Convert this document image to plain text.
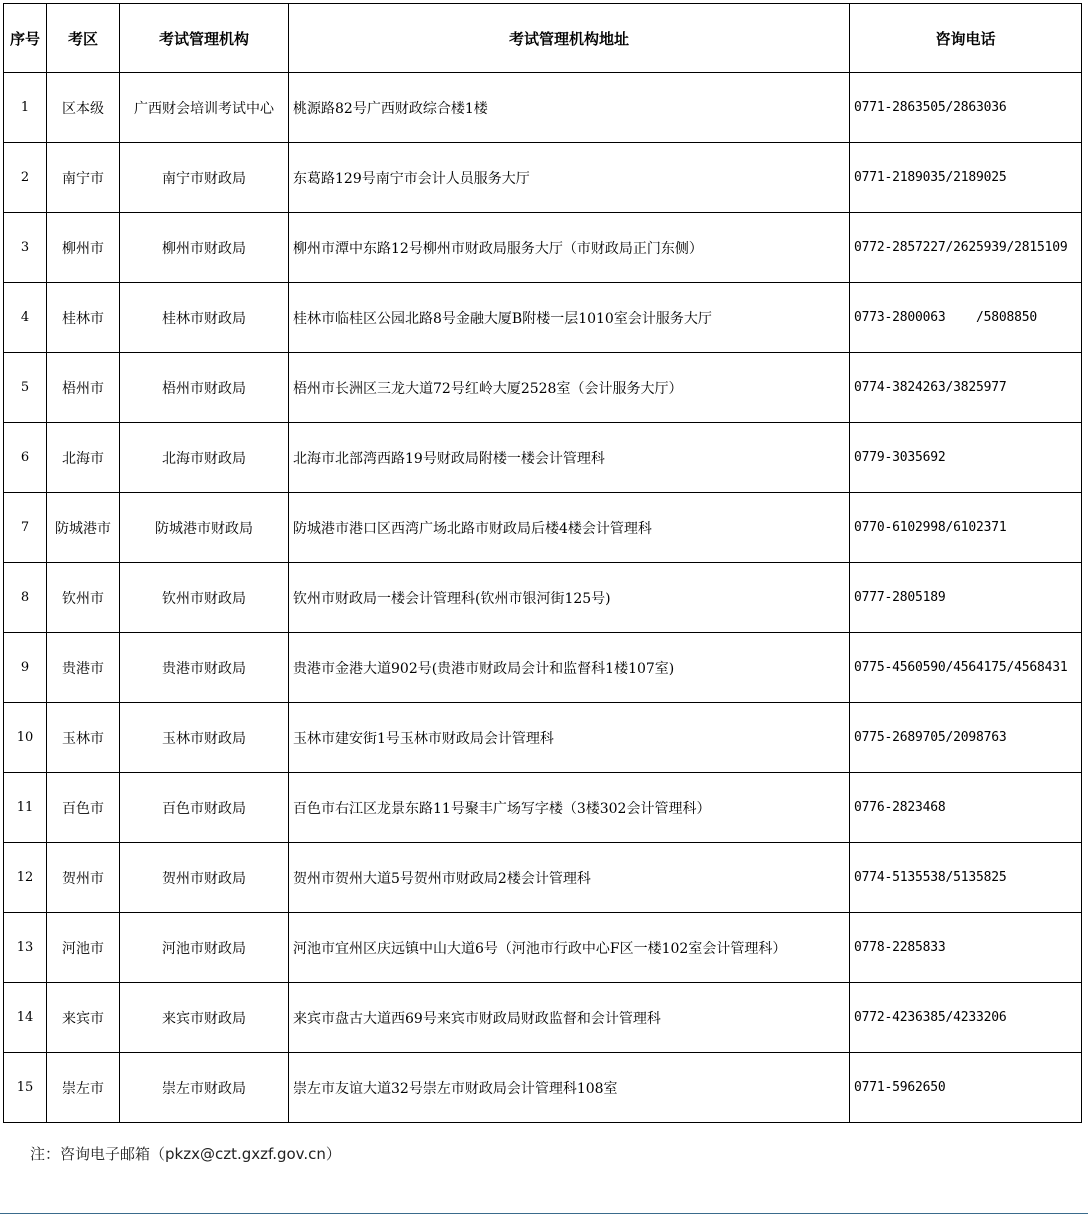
序号	考区	考试管理机构	考试管理机构地址	咨询电话
1	区本级	广西财会培训考试中心	桃源路82号广西财政综合楼1楼	0771-2863505/2863036
2	南宁市	南宁市财政局	东葛路129号南宁市会计人员服务大厅	0771-2189035/2189025
3	柳州市	柳州市财政局	柳州市潭中东路12号柳州市财政局服务大厅（市财政局正门东侧）	0772-2857227/2625939/2815109
4	桂林市	桂林市财政局	桂林市临桂区公园北路8号金融大厦B附楼一层1010室会计服务大厅	0773-2800063    /5808850
5	梧州市	梧州市财政局	梧州市长洲区三龙大道72号红岭大厦2528室（会计服务大厅）	0774-3824263/3825977
6	北海市	北海市财政局	北海市北部湾西路19号财政局附楼一楼会计管理科	0779-3035692
7	防城港市	防城港市财政局	防城港市港口区西湾广场北路市财政局后楼4楼会计管理科	0770-6102998/6102371
8	钦州市	钦州市财政局	钦州市财政局一楼会计管理科(钦州市银河街125号)	0777-2805189
9	贵港市	贵港市财政局	贵港市金港大道902号(贵港市财政局会计和监督科1楼107室)	0775-4560590/4564175/4568431
10	玉林市	玉林市财政局	玉林市建安街1号玉林市财政局会计管理科	0775-2689705/2098763
11	百色市	百色市财政局	百色市右江区龙景东路11号聚丰广场写字楼（3楼302会计管理科）	0776-2823468
12	贺州市	贺州市财政局	贺州市贺州大道5号贺州市财政局2楼会计管理科	0774-5135538/5135825
13	河池市	河池市财政局	河池市宜州区庆远镇中山大道6号（河池市行政中心F区一楼102室会计管理科）	0778-2285833
14	来宾市	来宾市财政局	来宾市盘古大道西69号来宾市财政局财政监督和会计管理科	0772-4236385/4233206
15	崇左市	崇左市财政局	崇左市友谊大道32号崇左市财政局会计管理科108室	0771-5962650
注：咨询电子邮箱（pkzx@czt.gxzf.gov.cn）
